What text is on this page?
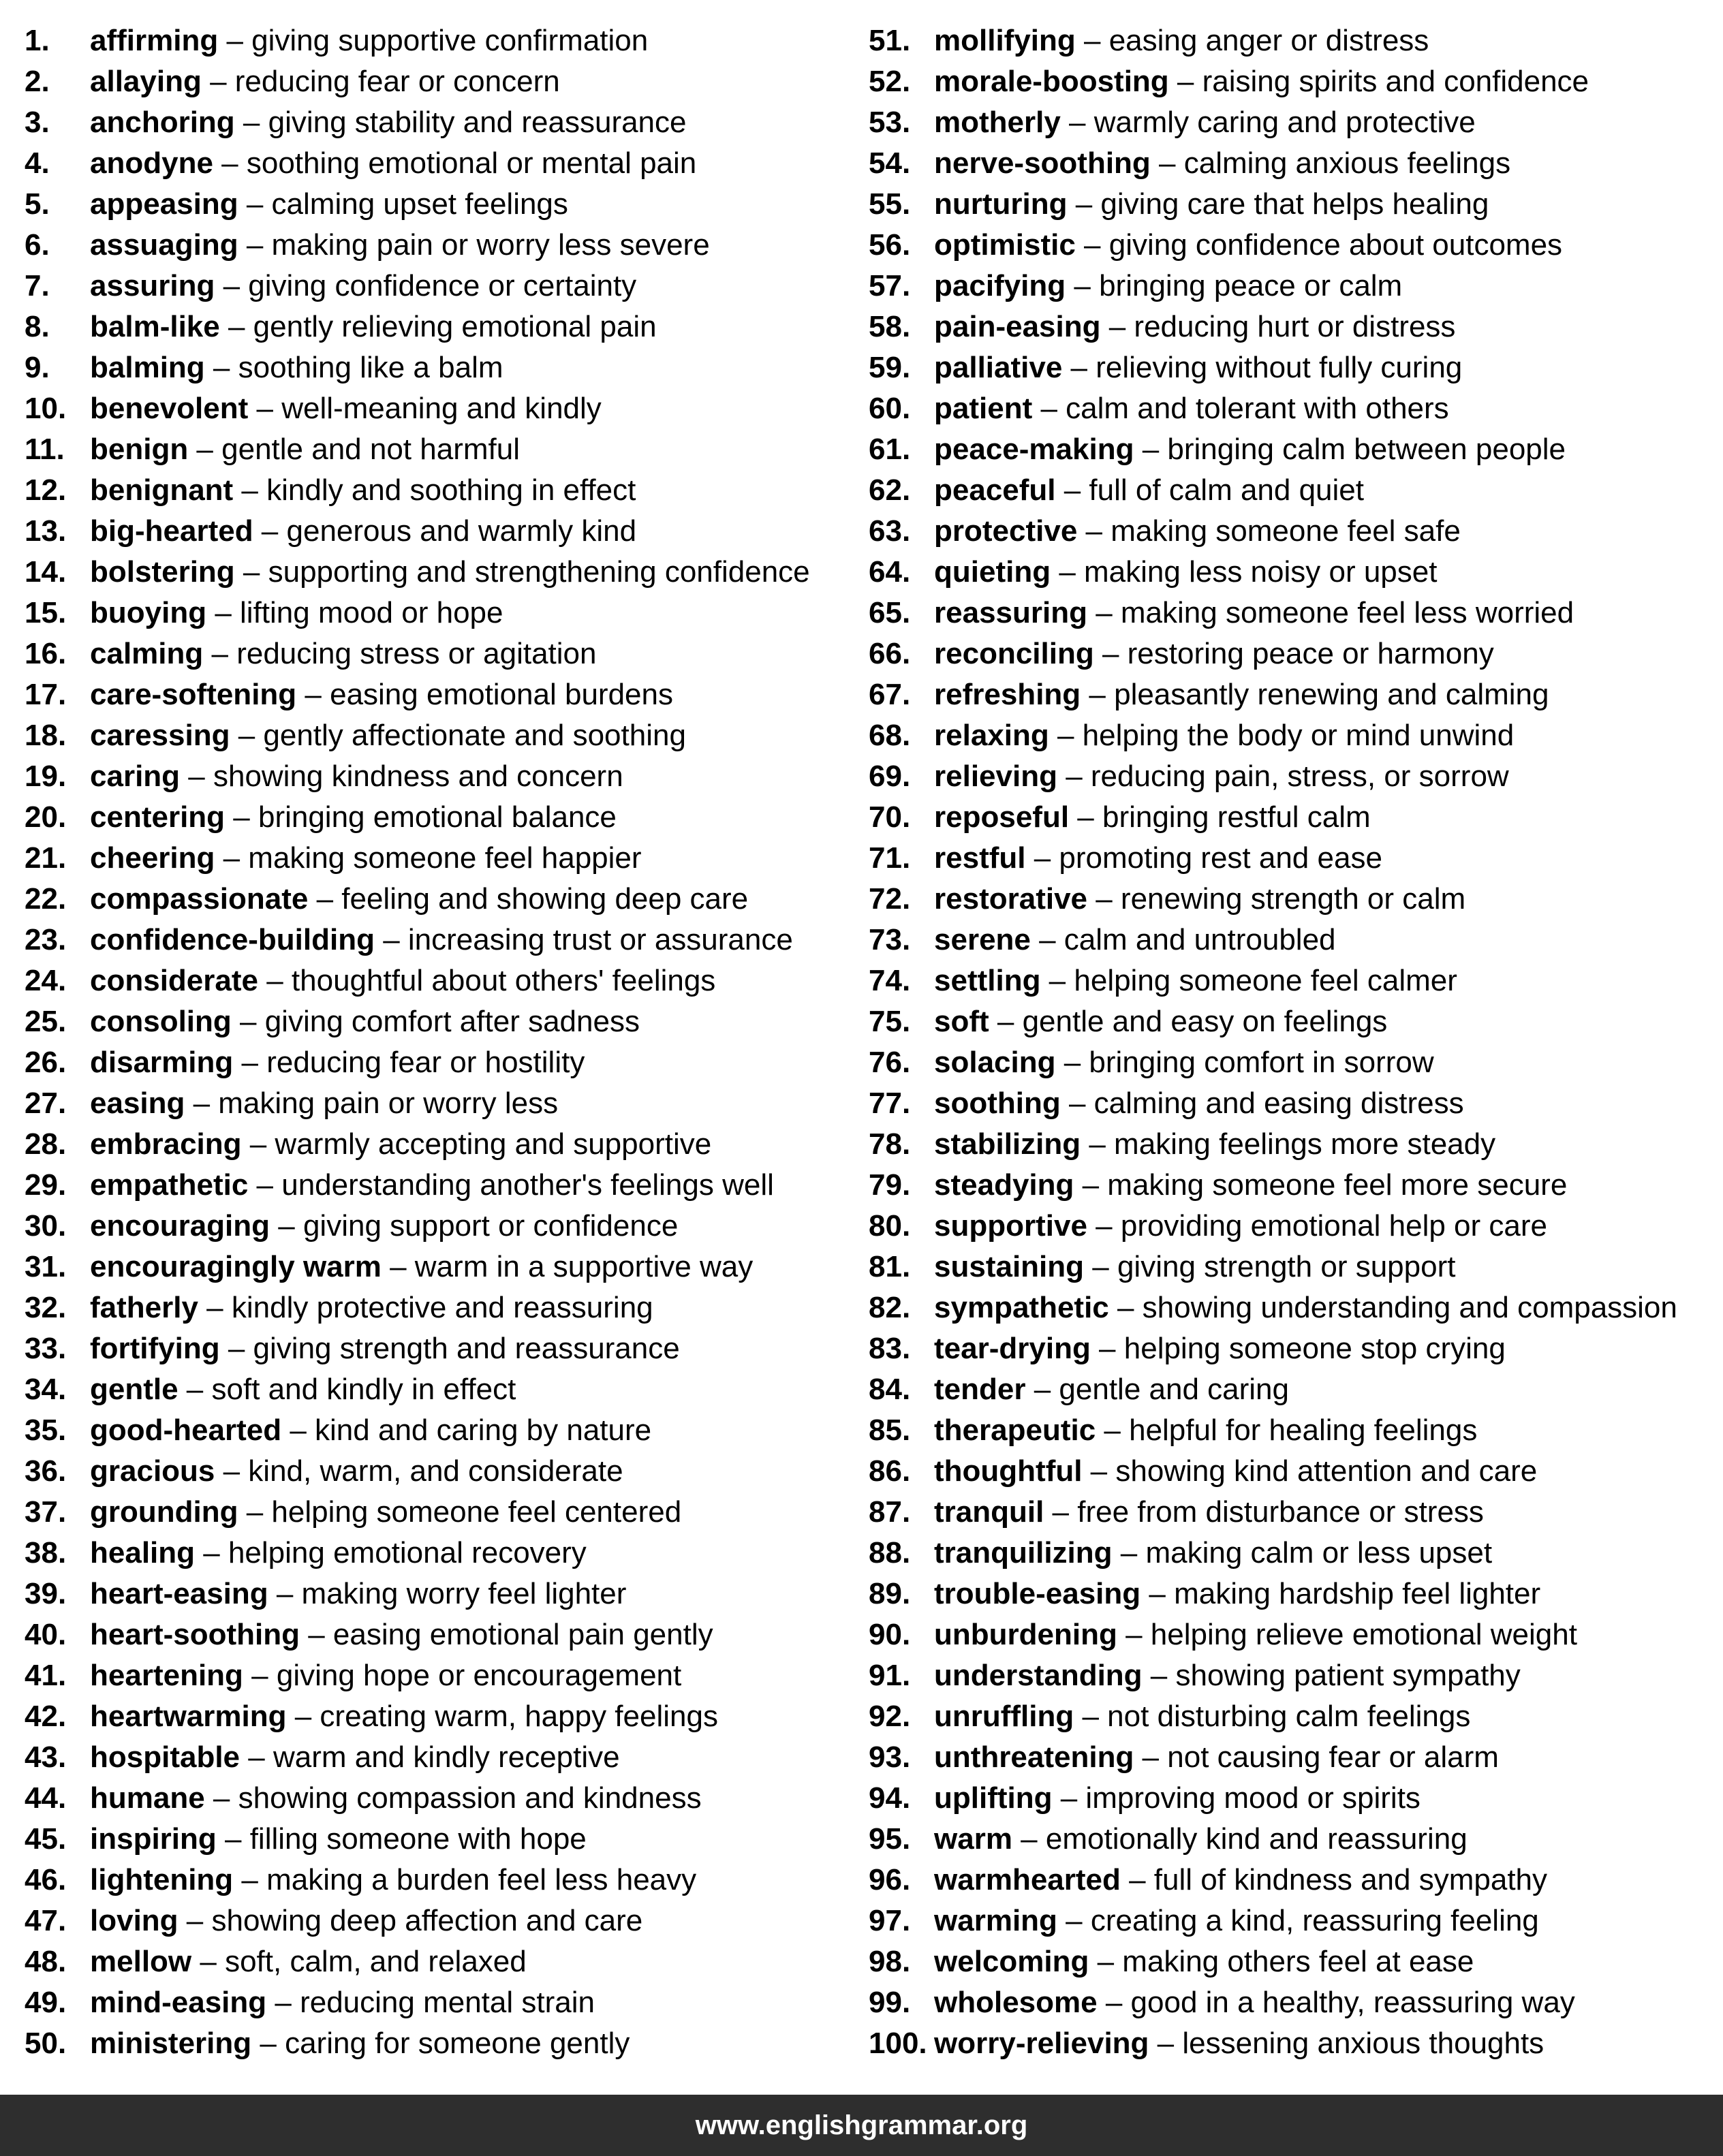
1. affirming – giving supportive confirmation
2. allaying – reducing fear or concern
3. anchoring – giving stability and reassurance
4. anodyne – soothing emotional or mental pain
5. appeasing – calming upset feelings
6. assuaging – making pain or worry less severe
7. assuring – giving confidence or certainty
8. balm-like – gently relieving emotional pain
9. balming – soothing like a balm
10. benevolent – well-meaning and kindly
11. benign – gentle and not harmful
12. benignant – kindly and soothing in effect
13. big-hearted – generous and warmly kind
14. bolstering – supporting and strengthening confidence
15. buoying – lifting mood or hope
16. calming – reducing stress or agitation
17. care-softening – easing emotional burdens
18. caressing – gently affectionate and soothing
19. caring – showing kindness and concern
20. centering – bringing emotional balance
21. cheering – making someone feel happier
22. compassionate – feeling and showing deep care
23. confidence-building – increasing trust or assurance
24. considerate – thoughtful about others' feelings
25. consoling – giving comfort after sadness
26. disarming – reducing fear or hostility
27. easing – making pain or worry less
28. embracing – warmly accepting and supportive
29. empathetic – understanding another's feelings well
30. encouraging – giving support or confidence
31. encouragingly warm – warm in a supportive way
32. fatherly – kindly protective and reassuring
33. fortifying – giving strength and reassurance
34. gentle – soft and kindly in effect
35. good-hearted – kind and caring by nature
36. gracious – kind, warm, and considerate
37. grounding – helping someone feel centered
38. healing – helping emotional recovery
39. heart-easing – making worry feel lighter
40. heart-soothing – easing emotional pain gently
41. heartening – giving hope or encouragement
42. heartwarming – creating warm, happy feelings
43. hospitable – warm and kindly receptive
44. humane – showing compassion and kindness
45. inspiring – filling someone with hope
46. lightening – making a burden feel less heavy
47. loving – showing deep affection and care
48. mellow – soft, calm, and relaxed
49. mind-easing – reducing mental strain
50. ministering – caring for someone gently
51. mollifying – easing anger or distress
52. morale-boosting – raising spirits and confidence
53. motherly – warmly caring and protective
54. nerve-soothing – calming anxious feelings
55. nurturing – giving care that helps healing
56. optimistic – giving confidence about outcomes
57. pacifying – bringing peace or calm
58. pain-easing – reducing hurt or distress
59. palliative – relieving without fully curing
60. patient – calm and tolerant with others
61. peace-making – bringing calm between people
62. peaceful – full of calm and quiet
63. protective – making someone feel safe
64. quieting – making less noisy or upset
65. reassuring – making someone feel less worried
66. reconciling – restoring peace or harmony
67. refreshing – pleasantly renewing and calming
68. relaxing – helping the body or mind unwind
69. relieving – reducing pain, stress, or sorrow
70. reposeful – bringing restful calm
71. restful – promoting rest and ease
72. restorative – renewing strength or calm
73. serene – calm and untroubled
74. settling – helping someone feel calmer
75. soft – gentle and easy on feelings
76. solacing – bringing comfort in sorrow
77. soothing – calming and easing distress
78. stabilizing – making feelings more steady
79. steadying – making someone feel more secure
80. supportive – providing emotional help or care
81. sustaining – giving strength or support
82. sympathetic – showing understanding and compassion
83. tear-drying – helping someone stop crying
84. tender – gentle and caring
85. therapeutic – helpful for healing feelings
86. thoughtful – showing kind attention and care
87. tranquil – free from disturbance or stress
88. tranquilizing – making calm or less upset
89. trouble-easing – making hardship feel lighter
90. unburdening – helping relieve emotional weight
91. understanding – showing patient sympathy
92. unruffling – not disturbing calm feelings
93. unthreatening – not causing fear or alarm
94. uplifting – improving mood or spirits
95. warm – emotionally kind and reassuring
96. warmhearted – full of kindness and sympathy
97. warming – creating a kind, reassuring feeling
98. welcoming – making others feel at ease
99. wholesome – good in a healthy, reassuring way
100. worry-relieving – lessening anxious thoughts
www.englishgrammar.org
